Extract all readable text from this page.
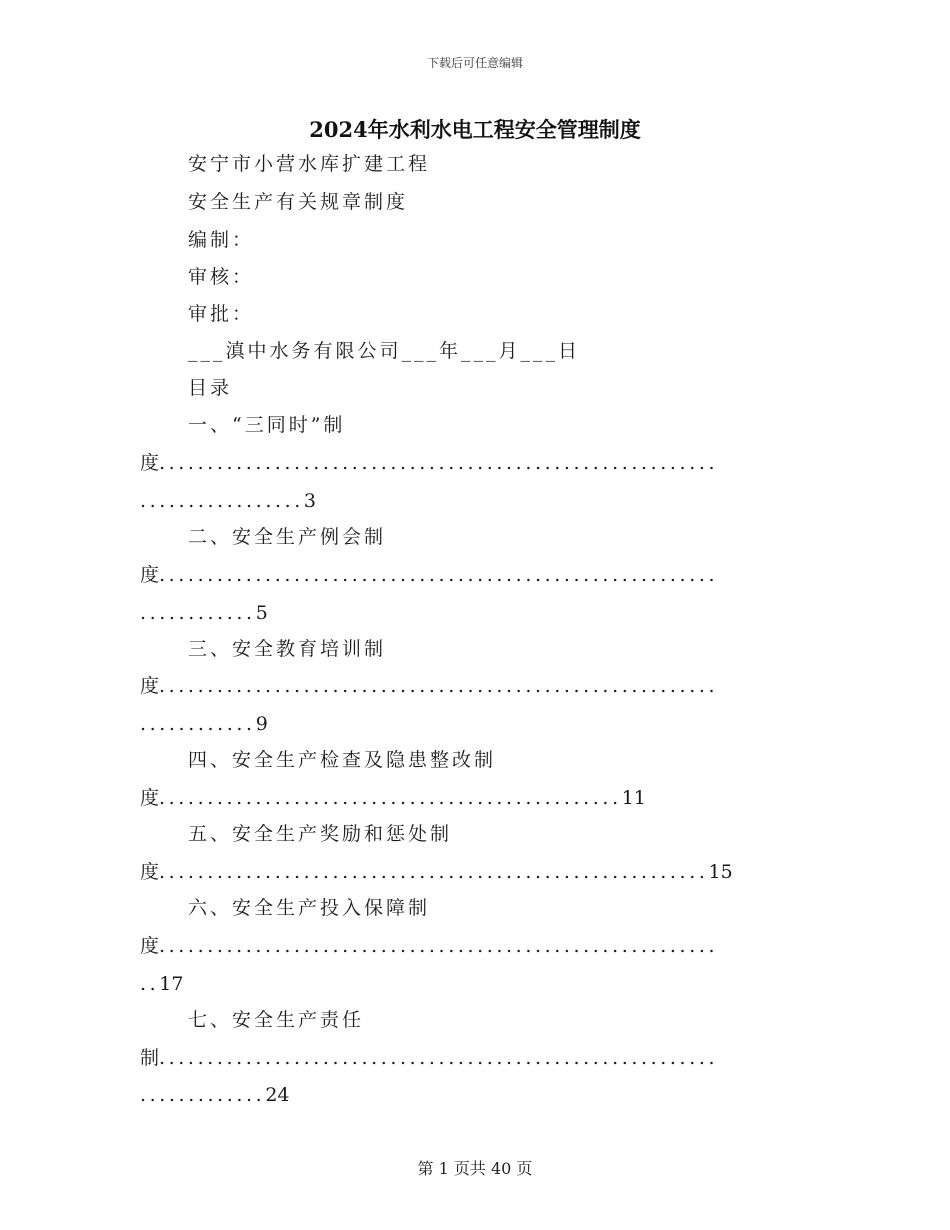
下载后可任意编辑
2024年水利水电工程安全管理制度
安宁市小营水库扩建工程
安全生产有关规章制度
编制：
审核：
审批：
___滇中水务有限公司___年___月___日
目录
一、“三同时”制
度..........................................................
.................3
二、安全生产例会制
度..........................................................
............5
三、安全教育培训制
度..........................................................
............9
四、安全生产检查及隐患整改制
度................................................11
五、安全生产奖励和惩处制
度.........................................................15
六、安全生产投入保障制
度..........................................................
..17
七、安全生产责任
制..........................................................
.............24
第 1 页共 40 页
